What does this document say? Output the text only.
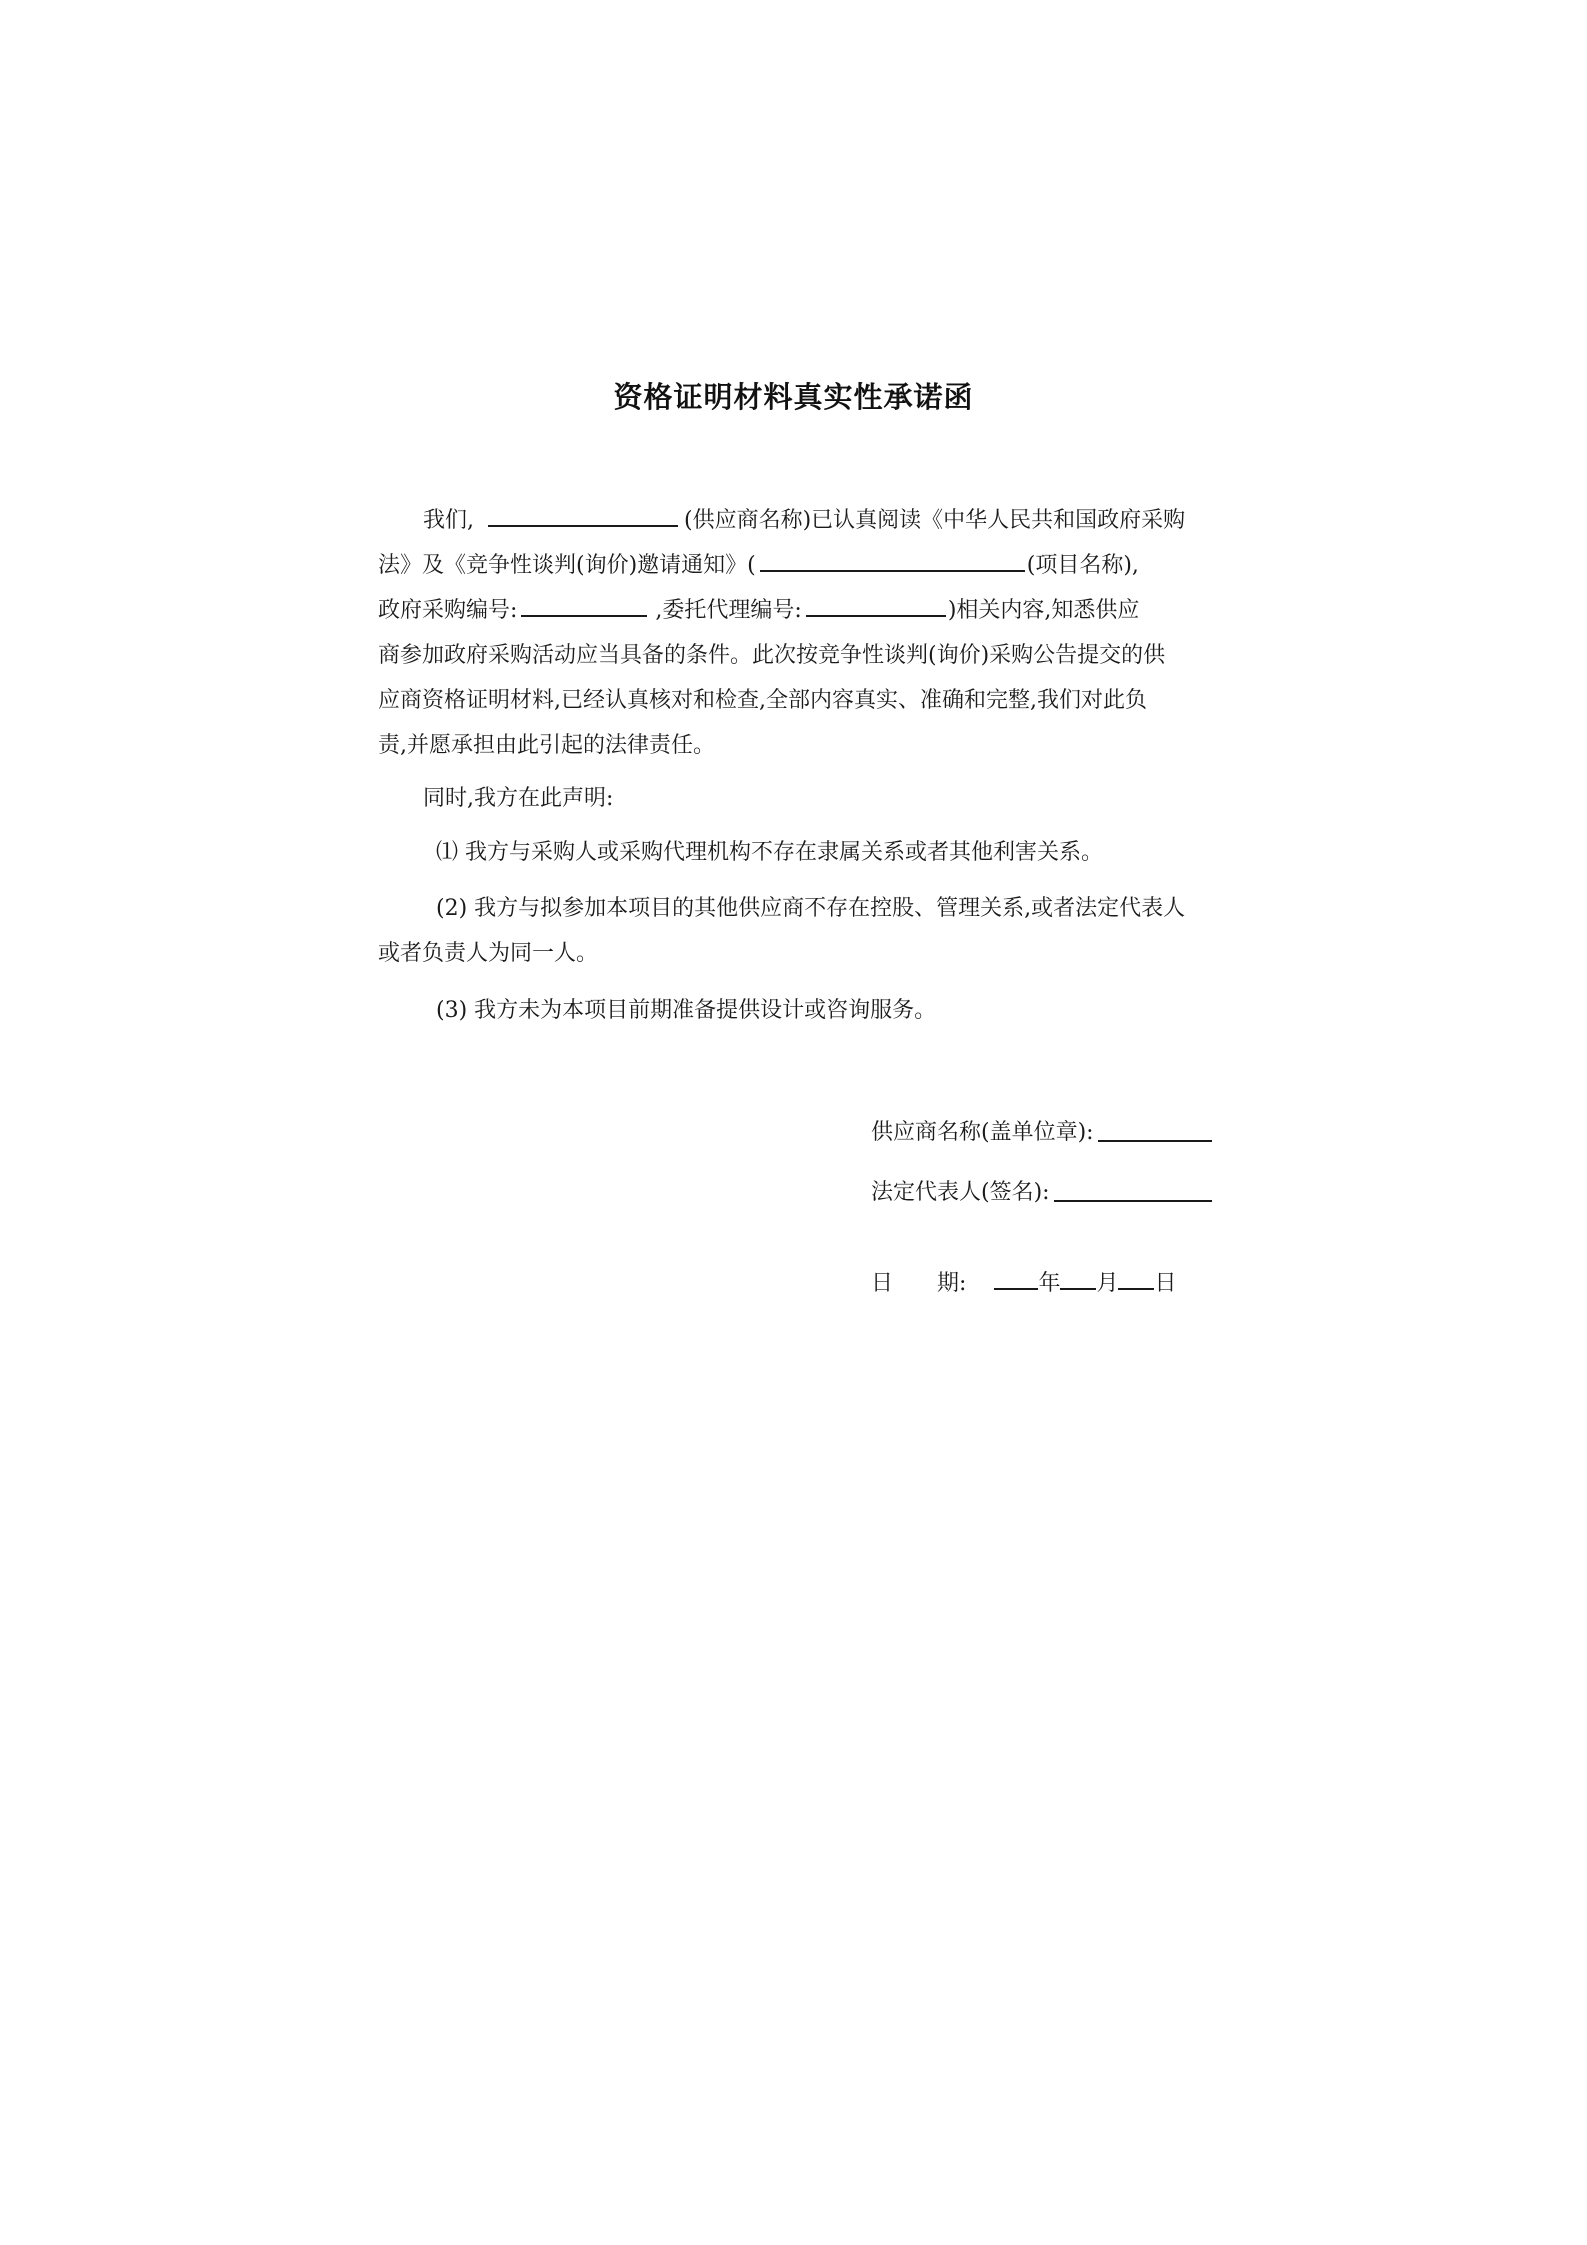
资格证明材料真实性承诺函
我们,	(供应商名称)已认真阅读《中华人民共和国政府采购
法》及《竞争性谈判(询价)邀请通知》(	(项目名称),
政府采购编号:	,委托代理编号:	)相关内容,知悉供应
商参加政府采购活动应当具备的条件。此次按竞争性谈判(询价)采购公告提交的供
应商资格证明材料,已经认真核对和检查,全部内容真实、准确和完整,我们对此负
责,并愿承担由此引起的法律责任。
同时,我方在此声明:
⑴ 我方与采购人或采购代理机构不存在隶属关系或者其他利害关系。
(2) 我方与拟参加本项目的其他供应商不存在控股、管理关系,或者法定代表人
或者负责人为同一人。
(3) 我方未为本项目前期准备提供设计或咨询服务。
供应商名称(盖单位章):
法定代表人(签名):
日 期:	年 月 日
